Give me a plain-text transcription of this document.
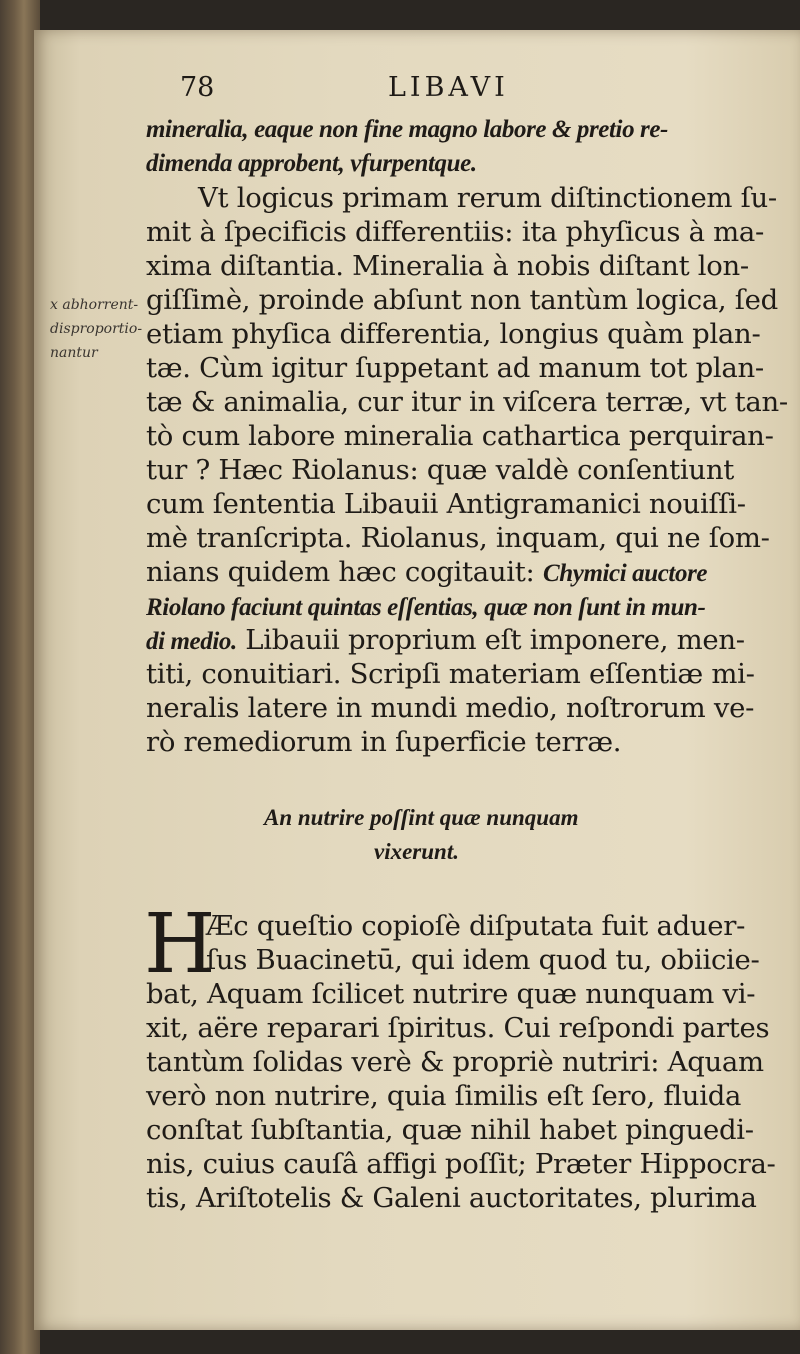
78	LIBAVI
x abhorrent-
disproportio-
nantur
mineralia, eaque non fine magno labore & pretio re-
dimenda approbent, vfurpentque.
Vt logicus primam rerum diſtinctionem ſu-
mit à ſpecificis differentiis: ita phyſicus à ma-
xima diſtantia. Mineralia à nobis diſtant lon-
giſſimè, proinde abſunt non tantùm logica, ſed
etiam phyſica differentia, longius quàm plan-
tæ. Cùm igitur ſuppetant ad manum tot plan-
tæ & animalia, cur itur in viſcera terræ, vt tan-
tò cum labore mineralia cathartica perquiran-
tur ? Hæc Riolanus: quæ valdè conſentiunt
cum ſententia Libauii Antigramanici nouiſſi-
mè tranſcripta. Riolanus, inquam, qui ne ſom-
nians quidem hæc cogitauit: Chymici auctore
Riolano faciunt quintas eſſentias, quæ non ſunt in mun-
di medio. Libauii proprium eſt imponere, men-
titi, conuitiari. Scripſi materiam eſſentiæ mi-
neralis latere in mundi medio, noſtrorum ve-
rò remediorum in ſuperficie terræ.
An nutrire poſſint quæ nunquam
vixerunt.
H
Æc queſtio copioſè diſputata fuit aduer-
ſus Buacinetū, qui idem quod tu, obiicie-
bat, Aquam ſcilicet nutrire quæ nunquam vi-
xit, aëre reparari ſpiritus. Cui reſpondi partes
tantùm ſolidas verè & propriè nutriri: Aquam
verò non nutrire, quia ſimilis eſt ſero, fluida
conſtat ſubſtantia, quæ nihil habet pinguedi-
nis, cuius cauſâ affigi poſſit; Præter Hippocra-
tis, Ariſtotelis & Galeni auctoritates, plurima
